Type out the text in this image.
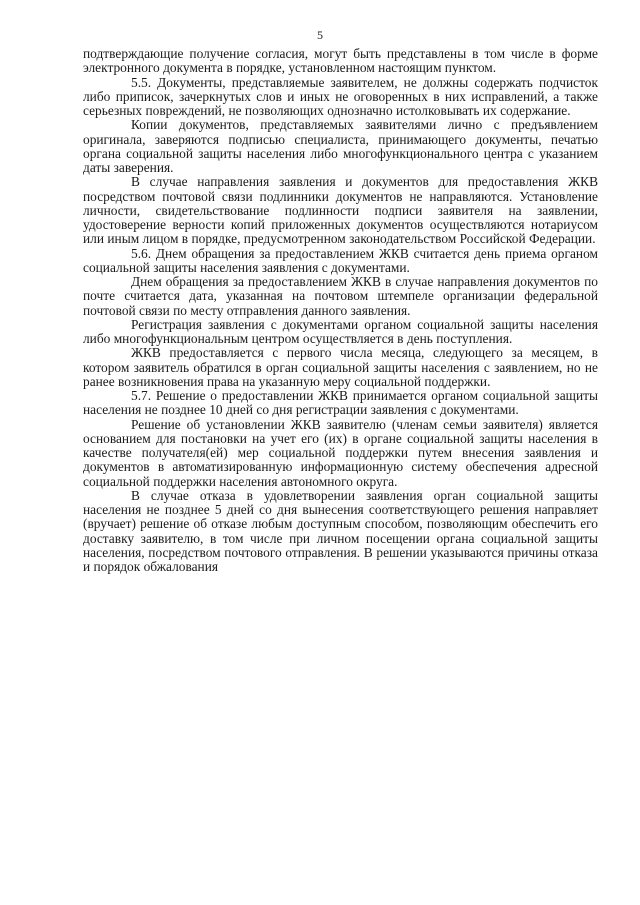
5

подтверждающие получение согласия, могут быть представлены в том числе в форме электронного документа в порядке, установленном настоящим пунктом.

5.5. Документы, представляемые заявителем, не должны содержать подчисток либо приписок, зачеркнутых слов и иных не оговоренных в них исправлений, а также серьезных повреждений, не позволяющих однозначно истолковывать их содержание.

Копии документов, представляемых заявителями лично с предъявлением оригинала, заверяются подписью специалиста, принимающего документы, печатью органа социальной защиты населения либо многофункционального центра с указанием даты заверения.

В случае направления заявления и документов для предоставления ЖКВ посредством почтовой связи подлинники документов не направляются. Установление личности, свидетельствование подлинности подписи заявителя на заявлении, удостоверение верности копий приложенных документов осуществляются нотариусом или иным лицом в порядке, предусмотренном законодательством Российской Федерации.

5.6. Днем обращения за предоставлением ЖКВ считается день приема органом социальной защиты населения заявления с документами.

Днем обращения за предоставлением ЖКВ в случае направления документов по почте считается дата, указанная на почтовом штемпеле организации федеральной почтовой связи по месту отправления данного заявления.

Регистрация заявления с документами органом социальной защиты населения либо многофункциональным центром осуществляется в день поступления.

ЖКВ предоставляется с первого числа месяца, следующего за месяцем, в котором заявитель обратился в орган социальной защиты населения с заявлением, но не ранее возникновения права на указанную меру социальной поддержки.

5.7. Решение о предоставлении ЖКВ принимается органом социальной защиты населения не позднее 10 дней со дня регистрации заявления с документами.

Решение об установлении ЖКВ заявителю (членам семьи заявителя) является основанием для постановки на учет его (их) в органе социальной защиты населения в качестве получателя(ей) мер социальной поддержки путем внесения заявления и документов в автоматизированную информационную систему обеспечения адресной социальной поддержки населения автономного округа.

В случае отказа в удовлетворении заявления орган социальной защиты населения не позднее 5 дней со дня вынесения соответствующего решения направляет (вручает) решение об отказе любым доступным способом, позволяющим обеспечить его доставку заявителю, в том числе при личном посещении органа социальной защиты населения, посредством почтового отправления. В решении указываются причины отказа и порядок обжалования
